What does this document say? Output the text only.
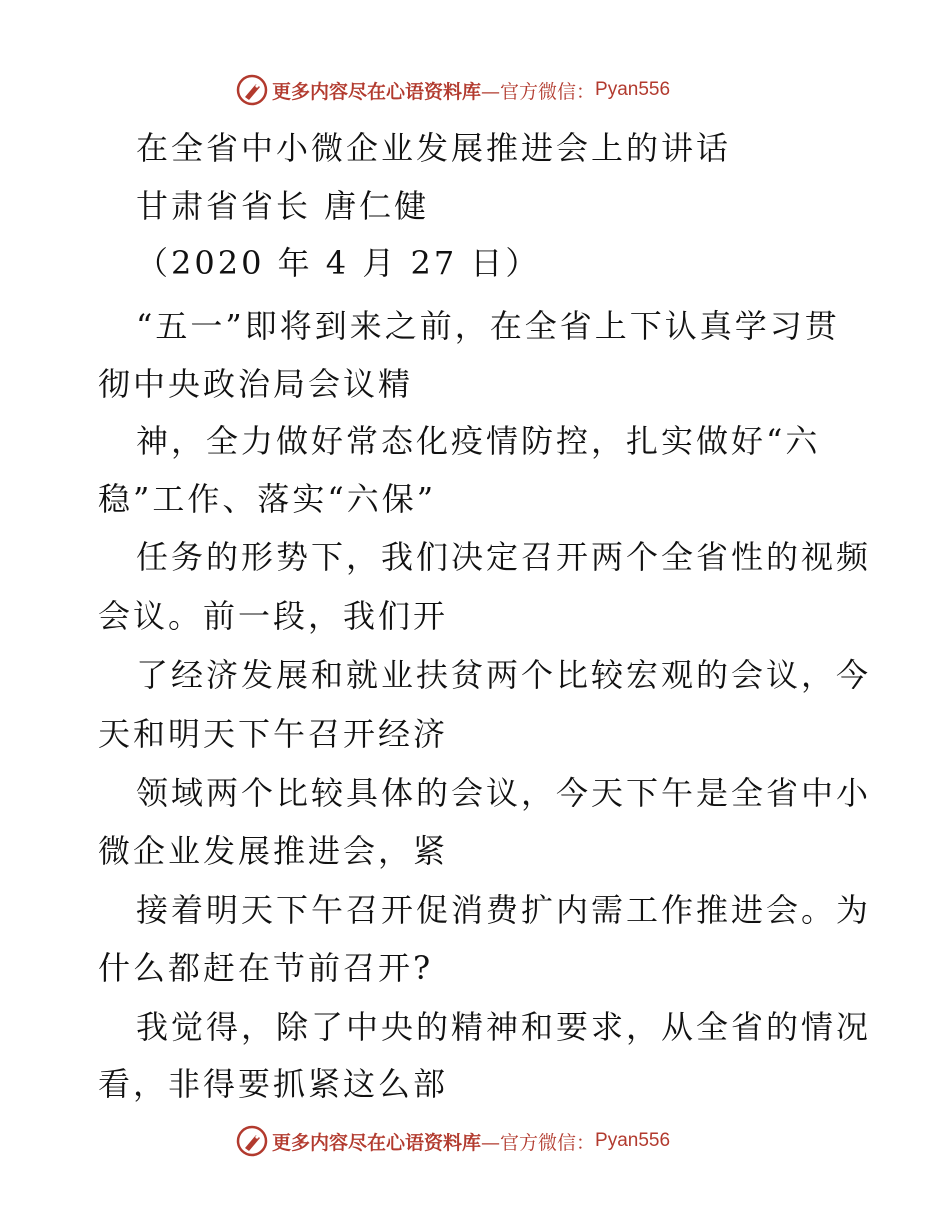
更多内容尽在心语资料库 —官方微信： Pyan556
在全省中小微企业发展推进会上的讲话
甘肃省省长 唐仁健
（2020 年 4 月 27 日）
“五一”即将到来之前，在全省上下认真学习贯
彻中央政治局会议精
神，全力做好常态化疫情防控，扎实做好“六
稳”工作、落实“六保”
任务的形势下，我们决定召开两个全省性的视频
会议。前一段，我们开
了经济发展和就业扶贫两个比较宏观的会议，今
天和明天下午召开经济
领域两个比较具体的会议，今天下午是全省中小
微企业发展推进会，紧
接着明天下午召开促消费扩内需工作推进会。为
什么都赶在节前召开?
我觉得，除了中央的精神和要求，从全省的情况
看，非得要抓紧这么部
更多内容尽在心语资料库 —官方微信： Pyan556
